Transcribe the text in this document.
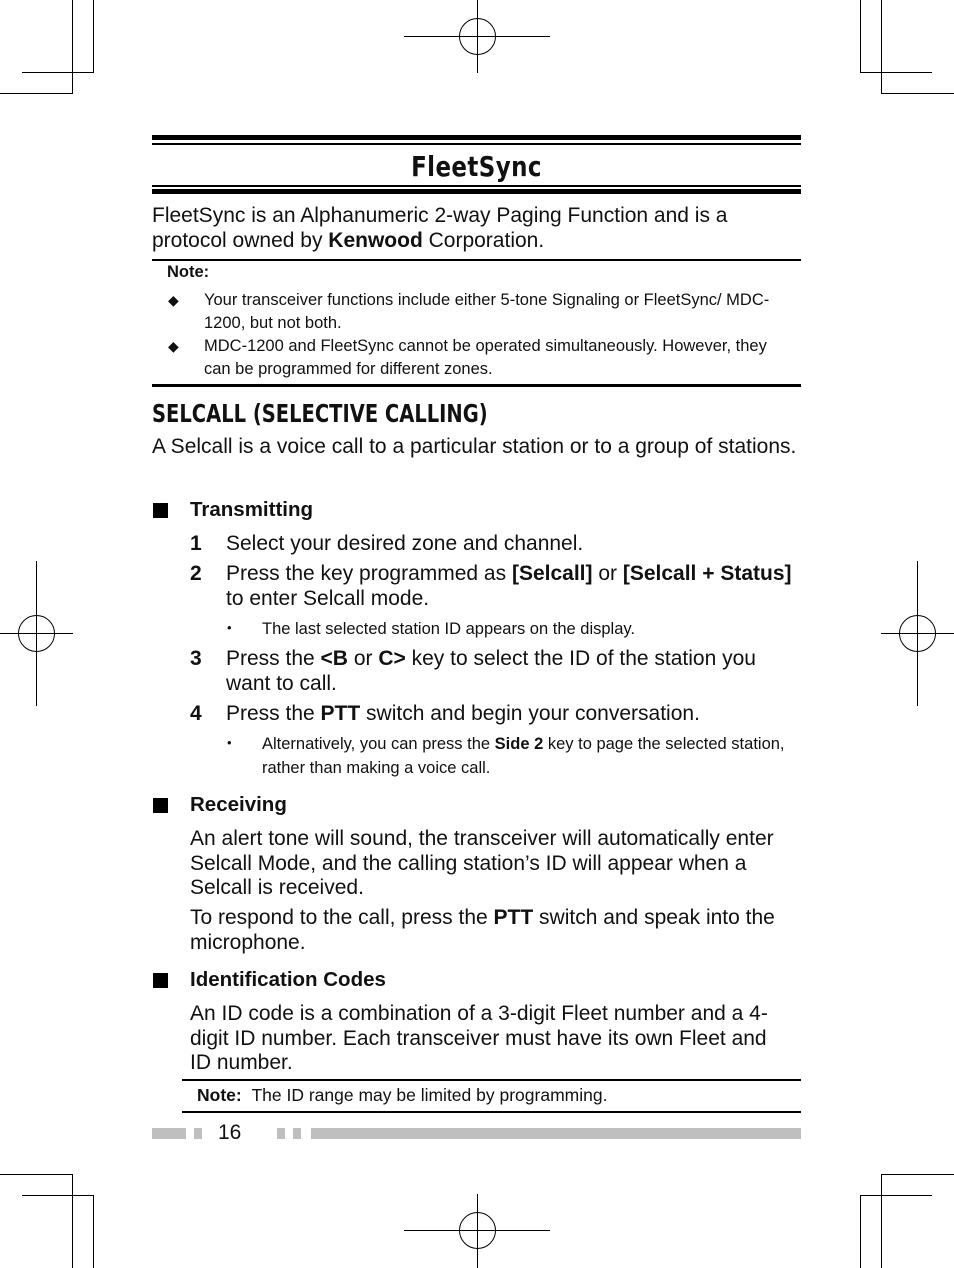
FleetSync
FleetSync is an Alphanumeric 2-way Paging Function and is a protocol owned by Kenwood Corporation.
Note:
◆ Your transceiver functions include either 5-tone Signaling or FleetSync/ MDC-1200, but not both.
◆ MDC-1200 and FleetSync cannot be operated simultaneously. However, they can be programmed for different zones.
SELCALL (SELECTIVE CALLING)
A Selcall is a voice call to a particular station or to a group of stations.
Transmitting
1 Select your desired zone and channel.
2 Press the key programmed as [Selcall] or [Selcall + Status] to enter Selcall mode.
• The last selected station ID appears on the display.
3 Press the <B or C> key to select the ID of the station you want to call.
4 Press the PTT switch and begin your conversation.
• Alternatively, you can press the Side 2 key to page the selected station, rather than making a voice call.
Receiving
An alert tone will sound, the transceiver will automatically enter Selcall Mode, and the calling station’s ID will appear when a Selcall is received.
To respond to the call, press the PTT switch and speak into the microphone.
Identification Codes
An ID code is a combination of a 3-digit Fleet number and a 4-digit ID number. Each transceiver must have its own Fleet and ID number.
Note: The ID range may be limited by programming.
16
